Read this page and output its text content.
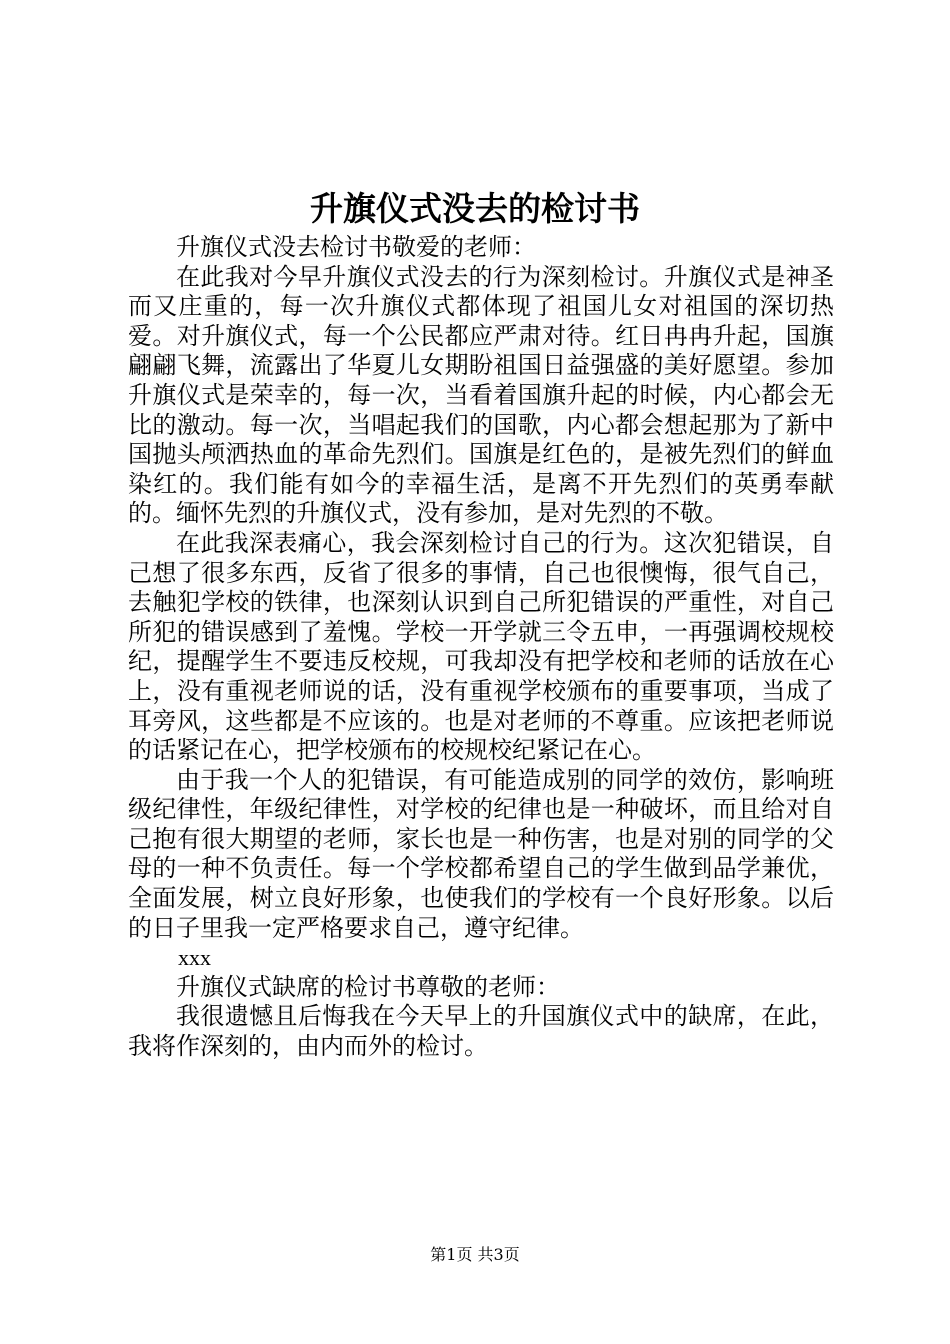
升旗仪式没去的检讨书

升旗仪式没去检讨书敬爱的老师：

在此我对今早升旗仪式没去的行为深刻检讨。升旗仪式是神圣而又庄重的，每一次升旗仪式都体现了祖国儿女对祖国的深切热爱。对升旗仪式，每一个公民都应严肃对待。红日冉冉升起，国旗翩翩飞舞，流露出了华夏儿女期盼祖国日益强盛的美好愿望。参加升旗仪式是荣幸的，每一次，当看着国旗升起的时候，内心都会无比的激动。每一次，当唱起我们的国歌，内心都会想起那为了新中国抛头颅洒热血的革命先烈们。国旗是红色的，是被先烈们的鲜血染红的。我们能有如今的幸福生活，是离不开先烈们的英勇奉献的。缅怀先烈的升旗仪式，没有参加，是对先烈的不敬。

在此我深表痛心，我会深刻检讨自己的行为。这次犯错误，自己想了很多东西，反省了很多的事情，自己也很懊悔，很气自己，去触犯学校的铁律，也深刻认识到自己所犯错误的严重性，对自己所犯的错误感到了羞愧。学校一开学就三令五申，一再强调校规校纪，提醒学生不要违反校规，可我却没有把学校和老师的话放在心上，没有重视老师说的话，没有重视学校颁布的重要事项，当成了耳旁风，这些都是不应该的。也是对老师的不尊重。应该把老师说的话紧记在心，把学校颁布的校规校纪紧记在心。

由于我一个人的犯错误，有可能造成别的同学的效仿，影响班级纪律性，年级纪律性，对学校的纪律也是一种破坏，而且给对自己抱有很大期望的老师，家长也是一种伤害，也是对别的同学的父母的一种不负责任。每一个学校都希望自己的学生做到品学兼优，全面发展，树立良好形象，也使我们的学校有一个良好形象。以后的日子里我一定严格要求自己，遵守纪律。

xxx

升旗仪式缺席的检讨书尊敬的老师：

我很遗憾且后悔我在今天早上的升国旗仪式中的缺席，在此，我将作深刻的，由内而外的检讨。

第1页 共3页
